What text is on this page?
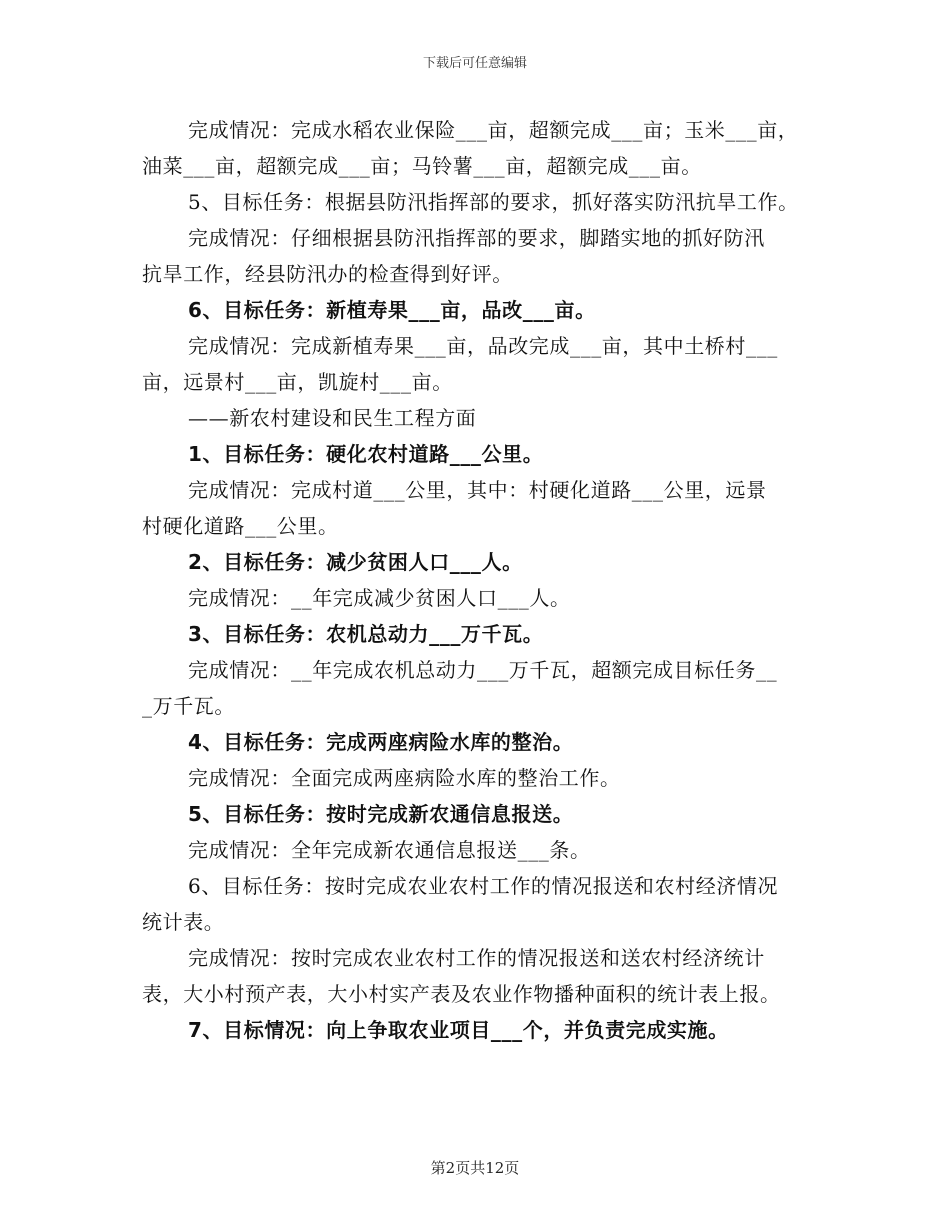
下载后可任意编辑
完成情况：完成水稻农业保险___亩，超额完成___亩；玉米___亩，
油菜___亩，超额完成___亩；马铃薯___亩，超额完成___亩。
5、目标任务：根据县防汛指挥部的要求，抓好落实防汛抗旱工作。
完成情况：仔细根据县防汛指挥部的要求，脚踏实地的抓好防汛
抗旱工作，经县防汛办的检查得到好评。
6、目标任务：新植寿果___亩，品改___亩。
完成情况：完成新植寿果___亩，品改完成___亩，其中土桥村___
亩，远景村___亩，凯旋村___亩。
——新农村建设和民生工程方面
1、目标任务：硬化农村道路___公里。
完成情况：完成村道___公里，其中：村硬化道路___公里，远景
村硬化道路___公里。
2、目标任务：减少贫困人口___人。
完成情况：__年完成减少贫困人口___人。
3、目标任务：农机总动力___万千瓦。
完成情况：__年完成农机总动力___万千瓦，超额完成目标任务__
_万千瓦。
4、目标任务：完成两座病险水库的整治。
完成情况：全面完成两座病险水库的整治工作。
5、目标任务：按时完成新农通信息报送。
完成情况：全年完成新农通信息报送___条。
6、目标任务：按时完成农业农村工作的情况报送和农村经济情况
统计表。
完成情况：按时完成农业农村工作的情况报送和送农村经济统计
表，大小村预产表，大小村实产表及农业作物播种面积的统计表上报。
7、目标情况：向上争取农业项目___个，并负责完成实施。
第2页共12页
